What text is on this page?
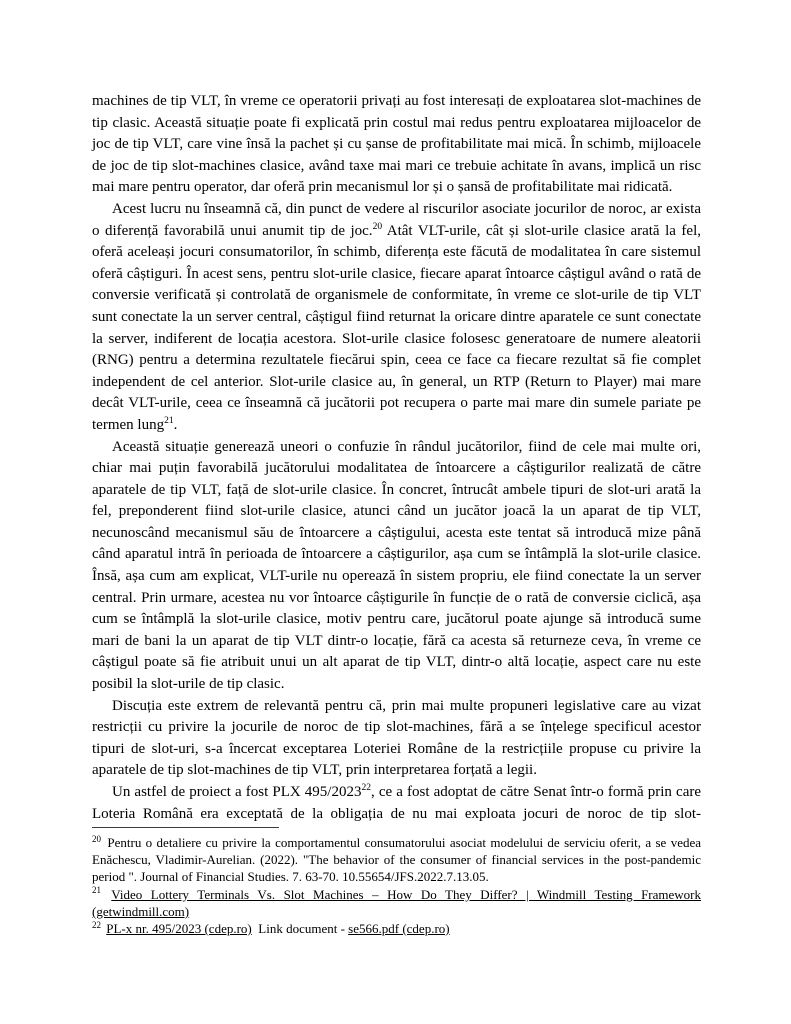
machines de tip VLT, în vreme ce operatorii privați au fost interesați de exploatarea slot-machines de tip clasic. Această situație poate fi explicată prin costul mai redus pentru exploatarea mijloacelor de joc de tip VLT, care vine însă la pachet și cu șanse de profitabilitate mai mică. În schimb, mijloacele de joc de tip slot-machines clasice, având taxe mai mari ce trebuie achitate în avans, implică un risc mai mare pentru operator, dar oferă prin mecanismul lor și o șansă de profitabilitate mai ridicată.

Acest lucru nu înseamnă că, din punct de vedere al riscurilor asociate jocurilor de noroc, ar exista o diferență favorabilă unui anumit tip de joc.$^{20}$ Atât VLT-urile, cât și slot-urile clasice arată la fel, oferă aceleași jocuri consumatorilor, în schimb, diferența este făcută de modalitatea în care sistemul oferă câștiguri. În acest sens, pentru slot-urile clasice, fiecare aparat întoarce câștigul având o rată de conversie verificată și controlată de organismele de conformitate, în vreme ce slot-urile de tip VLT sunt conectate la un server central, câștigul fiind returnat la oricare dintre aparatele ce sunt conectate la server, indiferent de locația acestora. Slot-urile clasice folosesc generatoare de numere aleatorii (RNG) pentru a determina rezultatele fiecărui spin, ceea ce face ca fiecare rezultat să fie complet independent de cel anterior. Slot-urile clasice au, în general, un RTP (Return to Player) mai mare decât VLT-urile, ceea ce înseamnă că jucătorii pot recupera o parte mai mare din sumele pariate pe termen lung$^{21}$.

Această situație generează uneori o confuzie în rândul jucătorilor, fiind de cele mai multe ori, chiar mai puțin favorabilă jucătorului modalitatea de întoarcere a câștigurilor realizată de către aparatele de tip VLT, față de slot-urile clasice. În concret, întrucât ambele tipuri de slot-uri arată la fel, preponderent fiind slot-urile clasice, atunci când un jucător joacă la un aparat de tip VLT, necunoscând mecanismul său de întoarcere a câștigului, acesta este tentat să introducă mize până când aparatul intră în perioada de întoarcere a câștigurilor, așa cum se întâmplă la slot-urile clasice. Însă, așa cum am explicat, VLT-urile nu operează în sistem propriu, ele fiind conectate la un server central. Prin urmare, acestea nu vor întoarce câștigurile în funcție de o rată de conversie ciclică, așa cum se întâmplă la slot-urile clasice, motiv pentru care, jucătorul poate ajunge să introducă sume mari de bani la un aparat de tip VLT dintr-o locație, fără ca acesta să returneze ceva, în vreme ce câștigul poate să fie atribuit unui un alt aparat de tip VLT, dintr-o altă locație, aspect care nu este posibil la slot-urile de tip clasic.

Discuția este extrem de relevantă pentru că, prin mai multe propuneri legislative care au vizat restricții cu privire la jocurile de noroc de tip slot-machines, fără a se înțelege specificul acestor tipuri de slot-uri, s-a încercat exceptarea Loteriei Române de la restricțiile propuse cu privire la aparatele de tip slot-machines de tip VLT, prin interpretarea forțată a legii.

Un astfel de proiect a fost PLX 495/2023$^{22}$, ce a fost adoptat de către Senat într-o formă prin care Loteria Română era exceptată de la obligația de nu mai exploata jocuri de noroc de tip slot-

$^{20}$ Pentru o detaliere cu privire la comportamentul consumatorului asociat modelului de serviciu oferit, a se vedea Enăchescu, Vladimir-Aurelian. (2022). "The behavior of the consumer of financial services in the post-pandemic period ". Journal of Financial Studies. 7. 63-70. 10.55654/JFS.2022.7.13.05.
$^{21}$ Video Lottery Terminals Vs. Slot Machines – How Do They Differ? | Windmill Testing Framework (getwindmill.com)
$^{22}$ PL-x nr. 495/2023 (cdep.ro)  Link document - se566.pdf (cdep.ro)
